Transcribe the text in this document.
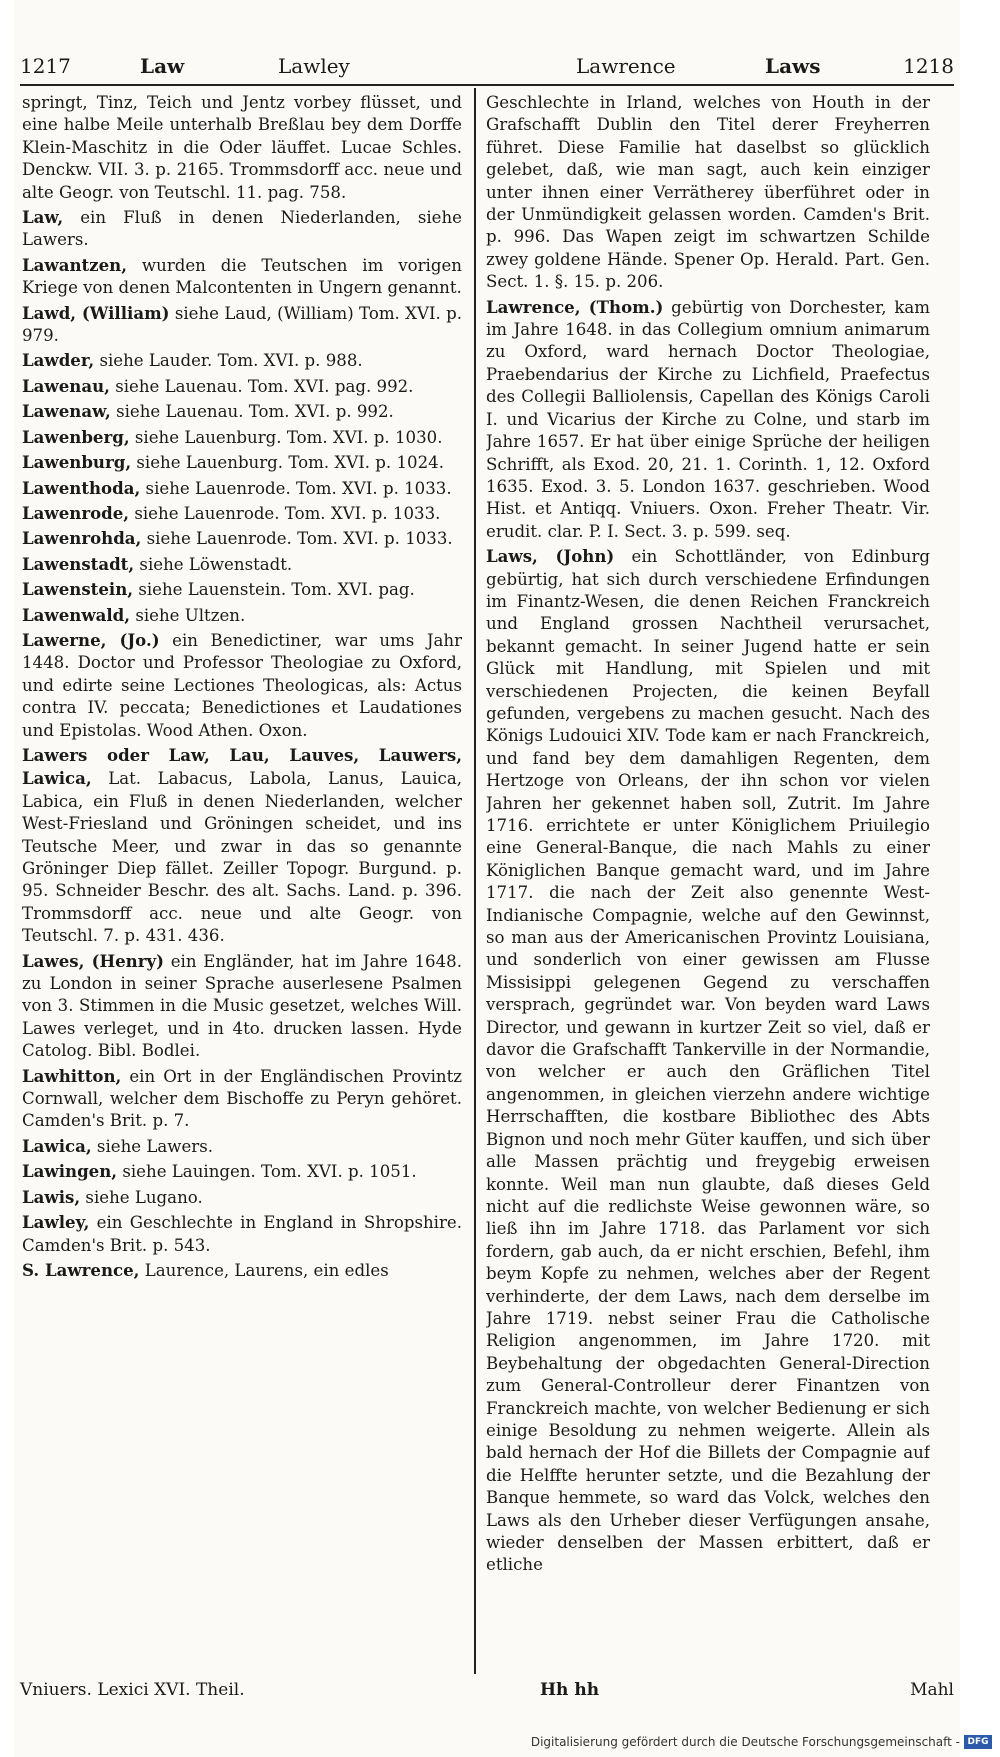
1217	Law	Lawley	Lawrence	Laws	1218

springt, Tinz, Teich und Jentz vorbey flüsset, und eine halbe Meile unterhalb Breßlau bey dem Dorffe Klein-Maschitz in die Oder läuffet. Lucae Schles. Denckw. VII. 3. p. 2165. Trommsdorff acc. neue und alte Geogr. von Teutschl. 11. pag. 758.

Law, ein Fluß in denen Niederlanden, siehe Lawers.

Lawantzen, wurden die Teutschen im vorigen Kriege von denen Malcontenten in Ungern genannt.

Lawd, (William) siehe Laud, (William) Tom. XVI. p. 979.

Lawder, siehe Lauder. Tom. XVI. p. 988.

Lawenau, siehe Lauenau. Tom. XVI. pag. 992.

Lawenaw, siehe Lauenau. Tom. XVI. p. 992.

Lawenberg, siehe Lauenburg. Tom. XVI. p. 1030.

Lawenburg, siehe Lauenburg. Tom. XVI. p. 1024.

Lawenthoda, siehe Lauenrode. Tom. XVI. p. 1033.

Lawenrode, siehe Lauenrode. Tom. XVI. p. 1033.

Lawenrohda, siehe Lauenrode. Tom. XVI. p. 1033.

Lawenstadt, siehe Löwenstadt.

Lawenstein, siehe Lauenstein. Tom. XVI. pag.

Lawenwald, siehe Ultzen.

Lawerne, (Jo.) ein Benedictiner, war ums Jahr 1448. Doctor und Professor Theologiae zu Oxford, und edirte seine Lectiones Theologicas, als: Actus contra IV. peccata; Benedictiones et Laudationes und Epistolas. Wood Athen. Oxon.

Lawers oder Law, Lau, Lauves, Lauwers, Lawica, Lat. Labacus, Labola, Lanus, Lauica, Labica, ein Fluß in denen Niederlanden, welcher West-Friesland und Gröningen scheidet, und ins Teutsche Meer, und zwar in das so genannte Gröninger Diep fället. Zeiller Topogr. Burgund. p. 95. Schneider Beschr. des alt. Sachs. Land. p. 396. Trommsdorff acc. neue und alte Geogr. von Teutschl. 7. p. 431. 436.

Lawes, (Henry) ein Engländer, hat im Jahre 1648. zu London in seiner Sprache auserlesene Psalmen von 3. Stimmen in die Music gesetzet, welches Will. Lawes verleget, und in 4to. drucken lassen. Hyde Catolog. Bibl. Bodlei.

Lawhitton, ein Ort in der Engländischen Provintz Cornwall, welcher dem Bischoffe zu Peryn gehöret. Camden's Brit. p. 7.

Lawica, siehe Lawers.

Lawingen, siehe Lauingen. Tom. XVI. p. 1051.

Lawis, siehe Lugano.

Lawley, ein Geschlechte in England in Shropshire. Camden's Brit. p. 543.

S. Lawrence, Laurence, Laurens, ein edles

Geschlechte in Irland, welches von Houth in der Grafschafft Dublin den Titel derer Freyherren führet. Diese Familie hat daselbst so glücklich gelebet, daß, wie man sagt, auch kein einziger unter ihnen einer Verrätherey überführet oder in der Unmündigkeit gelassen worden. Camden's Brit. p. 996. Das Wapen zeigt im schwartzen Schilde zwey goldene Hände. Spener Op. Herald. Part. Gen. Sect. 1. §. 15. p. 206.

Lawrence, (Thom.) gebürtig von Dorchester, kam im Jahre 1648. in das Collegium omnium animarum zu Oxford, ward hernach Doctor Theologiae, Praebendarius der Kirche zu Lichfield, Praefectus des Collegii Balliolensis, Capellan des Königs Caroli I. und Vicarius der Kirche zu Colne, und starb im Jahre 1657. Er hat über einige Sprüche der heiligen Schrifft, als Exod. 20, 21. 1. Corinth. 1, 12. Oxford 1635. Exod. 3. 5. London 1637. geschrieben. Wood Hist. et Antiqq. Vniuers. Oxon. Freher Theatr. Vir. erudit. clar. P. I. Sect. 3. p. 599. seq.

Laws, (John) ein Schottländer, von Edinburg gebürtig, hat sich durch verschiedene Erfindungen im Finantz-Wesen, die denen Reichen Franckreich und England grossen Nachtheil verursachet, bekannt gemacht. In seiner Jugend hatte er sein Glück mit Handlung, mit Spielen und mit verschiedenen Projecten, die keinen Beyfall gefunden, vergebens zu machen gesucht. Nach des Königs Ludouici XIV. Tode kam er nach Franckreich, und fand bey dem damahligen Regenten, dem Hertzoge von Orleans, der ihn schon vor vielen Jahren her gekennet haben soll, Zutrit. Im Jahre 1716. errichtete er unter Königlichem Priuilegio eine General-Banque, die nach Mahls zu einer Königlichen Banque gemacht ward, und im Jahre 1717. die nach der Zeit also genennte West-Indianische Compagnie, welche auf den Gewinnst, so man aus der Americanischen Provintz Louisiana, und sonderlich von einer gewissen am Flusse Missisippi gelegenen Gegend zu verschaffen versprach, gegründet war. Von beyden ward Laws Director, und gewann in kurtzer Zeit so viel, daß er davor die Grafschafft Tankerville in der Normandie, von welcher er auch den Gräflichen Titel angenommen, in gleichen vierzehn andere wichtige Herrschafften, die kostbare Bibliothec des Abts Bignon und noch mehr Güter kauffen, und sich über alle Massen prächtig und freygebig erweisen konnte. Weil man nun glaubte, daß dieses Geld nicht auf die redlichste Weise gewonnen wäre, so ließ ihn im Jahre 1718. das Parlament vor sich fordern, gab auch, da er nicht erschien, Befehl, ihm beym Kopfe zu nehmen, welches aber der Regent verhinderte, der dem Laws, nach dem derselbe im Jahre 1719. nebst seiner Frau die Catholische Religion angenommen, im Jahre 1720. mit Beybehaltung der obgedachten General-Direction zum General-Controlleur derer Finantzen von Franckreich machte, von welcher Bedienung er sich einige Besoldung zu nehmen weigerte. Allein als bald hernach der Hof die Billets der Compagnie auf die Helffte herunter setzte, und die Bezahlung der Banque hemmete, so ward das Volck, welches den Laws als den Urheber dieser Verfügungen ansahe, wieder denselben der Massen erbittert, daß er etliche

Vniuers. Lexici XVI. Theil.	Hh hh	Mahl
Digitalisierung gefördert durch die Deutsche Forschungsgemeinschaft - DFG
